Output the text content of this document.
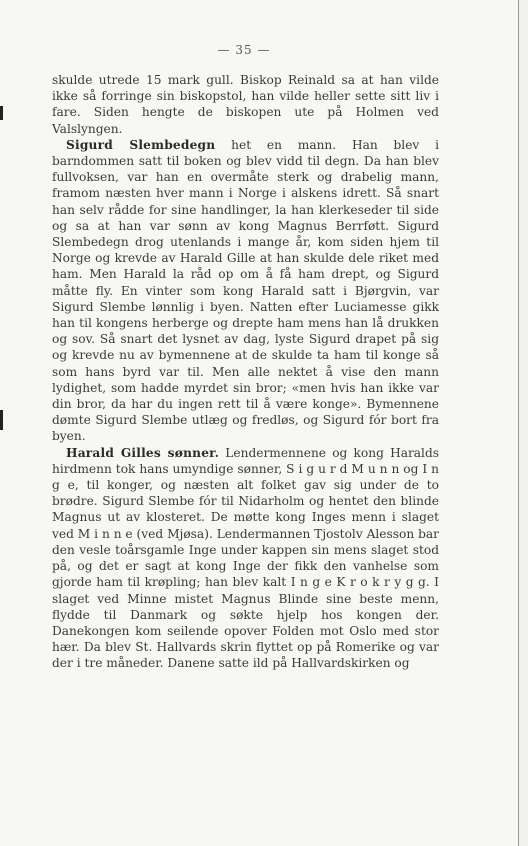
— 35 —

skulde utrede 15 mark gull. Biskop Reinald sa at han vilde ikke så forringe sin biskopstol, han vilde heller sette sitt liv i fare. Siden hengte de biskopen ute på Holmen ved Valslyngen.

Sigurd Slembedegn het en mann. Han blev i barndommen satt til boken og blev vidd til degn. Da han blev fullvoksen, var han en overmåte sterk og drabelig mann, framom næsten hver mann i Norge i alskens idrett. Så snart han selv rådde for sine handlinger, la han klerkeseder til side og sa at han var sønn av kong Magnus Berrføtt. Sigurd Slembedegn drog utenlands i mange år, kom siden hjem til Norge og krevde av Harald Gille at han skulde dele riket med ham. Men Harald la råd op om å få ham drept, og Sigurd måtte fly. En vinter som kong Harald satt i Bjørgvin, var Sigurd Slembe lønnlig i byen. Natten efter Luciamesse gikk han til kongens herberge og drepte ham mens han lå drukken og sov. Så snart det lysnet av dag, lyste Sigurd drapet på sig og krevde nu av bymennene at de skulde ta ham til konge så som hans byrd var til. Men alle nektet å vise den mann lydighet, som hadde myrdet sin bror; «men hvis han ikke var din bror, da har du ingen rett til å være konge». Bymennene dømte Sigurd Slembe utlæg og fredløs, og Sigurd fór bort fra byen.

Harald Gilles sønner. Lendermennene og kong Haralds hirdmenn tok hans umyndige sønner, S i g u r d M u n n og I n g e, til konger, og næsten alt folket gav sig under de to brødre. Sigurd Slembe fór til Nidarholm og hentet den blinde Magnus ut av klosteret. De møtte kong Inges menn i slaget ved M i n n e (ved Mjøsa). Lendermannen Tjostolv Alesson bar den vesle toårsgamle Inge under kappen sin mens slaget stod på, og det er sagt at kong Inge der fikk den vanhelse som gjorde ham til krøpling; han blev kalt I n g e K r o k r y g g. I slaget ved Minne mistet Magnus Blinde sine beste menn, flydde til Danmark og søkte hjelp hos kongen der. Danekongen kom seilende opover Folden mot Oslo med stor hær. Da blev St. Hallvards skrin flyttet op på Romerike og var der i tre måneder. Danene satte ild på Hallvardskirken og
